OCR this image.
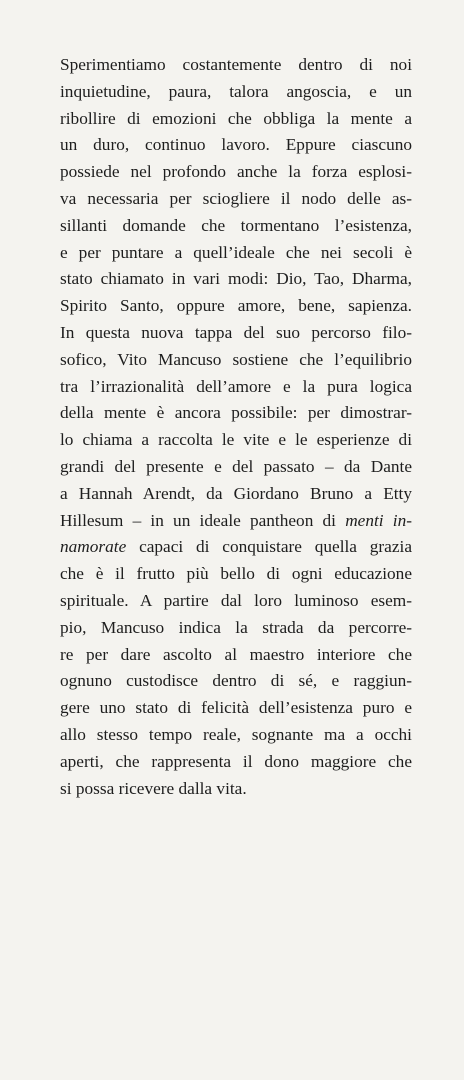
Sperimentiamo costantemente dentro di noi
inquietudine, paura, talora angoscia, e un
ribollire di emozioni che obbliga la mente a
un duro, continuo lavoro. Eppure ciascuno
possiede nel profondo anche la forza esplosi-
va necessaria per sciogliere il nodo delle as-
sillanti domande che tormentano l’esistenza,
e per puntare a quell’ideale che nei secoli è
stato chiamato in vari modi: Dio, Tao, Dharma,
Spirito Santo, oppure amore, bene, sapienza.
In questa nuova tappa del suo percorso filo-
sofico, Vito Mancuso sostiene che l’equilibrio
tra l’irrazionalità dell’amore e la pura logica
della mente è ancora possibile: per dimostrar-
lo chiama a raccolta le vite e le esperienze di
grandi del presente e del passato – da Dante
a Hannah Arendt, da Giordano Bruno a Etty
Hillesum – in un ideale pantheon di menti in-
namorate capaci di conquistare quella grazia
che è il frutto più bello di ogni educazione
spirituale. A partire dal loro luminoso esem-
pio, Mancuso indica la strada da percorre-
re per dare ascolto al maestro interiore che
ognuno custodisce dentro di sé, e raggiun-
gere uno stato di felicità dell’esistenza puro e
allo stesso tempo reale, sognante ma a occhi
aperti, che rappresenta il dono maggiore che
si possa ricevere dalla vita.
